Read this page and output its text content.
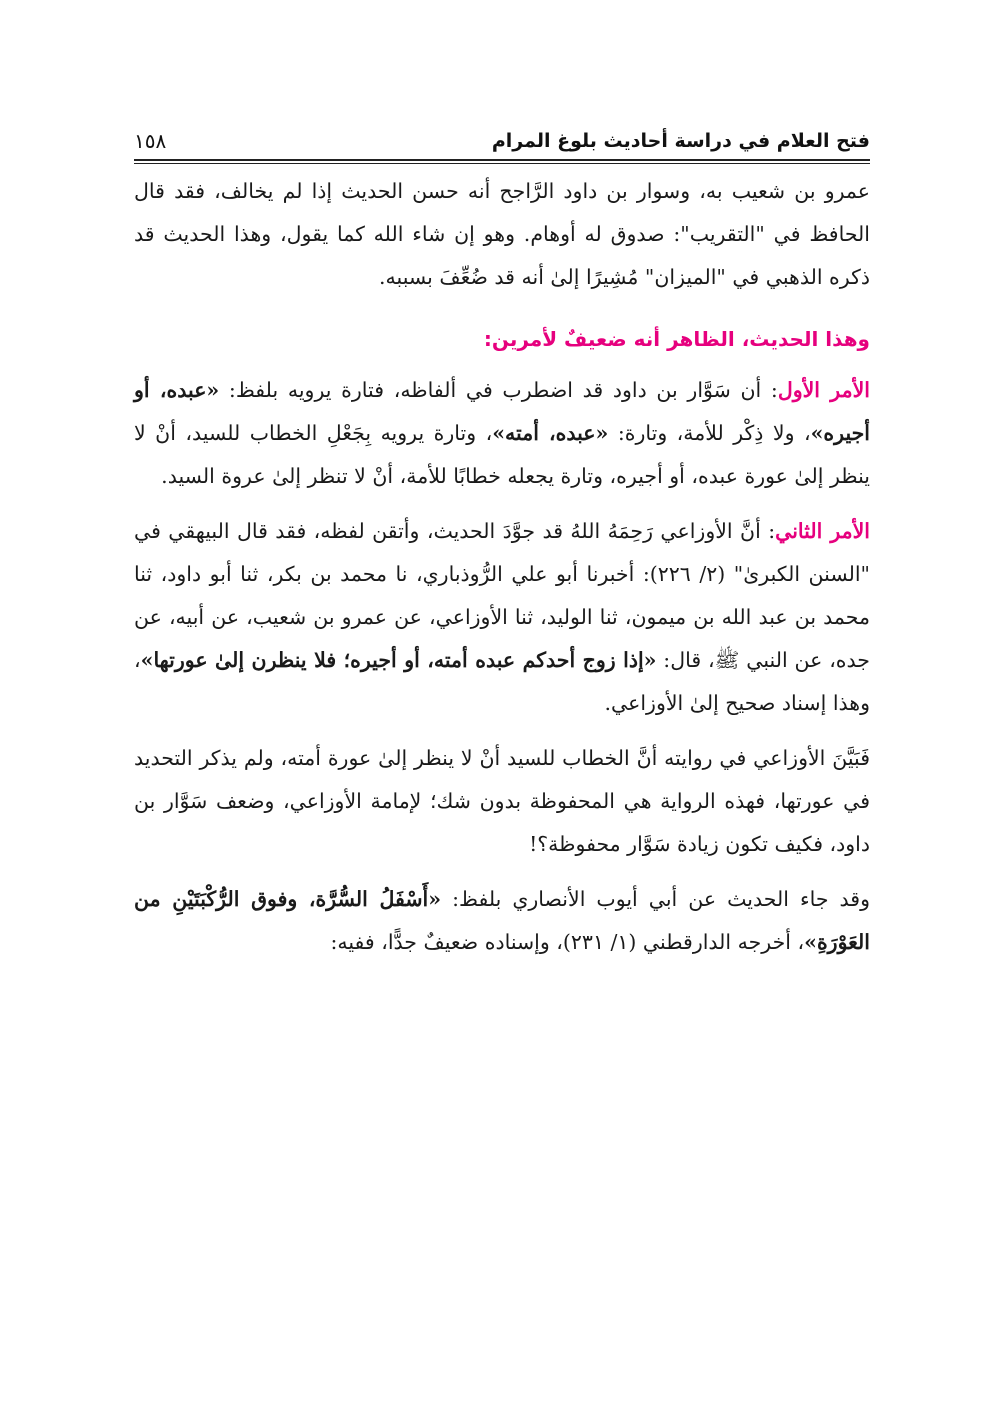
فتح العلام في دراسة أحاديث بلوغ المرام
١٥٨

عمرو بن شعيب به، وسوار بن داود الرَّاجح أنه حسن الحديث إذا لم يخالف، فقد قال الحافظ في "التقريب": صدوق له أوهام. وهو إن شاء الله كما يقول، وهذا الحديث قد ذكره الذهبي في "الميزان" مُشِيرًا إلىٰ أنه قد ضُعِّفَ بسببه.

وهذا الحديث، الظاهر أنه ضعيفٌ لأمرين:

الأمر الأول: أن سَوَّار بن داود قد اضطرب في ألفاظه، فتارة يرويه بلفظ: «عبده، أو أجيره»، ولا ذِكْر للأمة، وتارة: «عبده، أمته»، وتارة يرويه بِجَعْلِ الخطاب للسيد، أنْ لا ينظر إلىٰ عورة عبده، أو أجيره، وتارة يجعله خطابًا للأمة، أنْ لا تنظر إلىٰ عروة السيد.

الأمر الثاني: أنَّ الأوزاعي رَحِمَهُ اللهُ قد جوَّدَ الحديث، وأتقن لفظه، فقد قال البيهقي في "السنن الكبرىٰ" (٢/ ٢٢٦): أخبرنا أبو علي الرُّوذباري، نا محمد بن بكر، ثنا أبو داود، ثنا محمد بن عبد الله بن ميمون، ثنا الوليد، ثنا الأوزاعي، عن عمرو بن شعيب، عن أبيه، عن جده، عن النبي ﷺ، قال: «إذا زوج أحدكم عبده أمته، أو أجيره؛ فلا ينظرن إلىٰ عورتها»، وهذا إسناد صحيح إلىٰ الأوزاعي.

فَبَيَّنَ الأوزاعي في روايته أنَّ الخطاب للسيد أنْ لا ينظر إلىٰ عورة أمته، ولم يذكر التحديد في عورتها، فهذه الرواية هي المحفوظة بدون شك؛ لإمامة الأوزاعي، وضعف سَوَّار بن داود، فكيف تكون زيادة سَوَّار محفوظة؟!

وقد جاء الحديث عن أبي أيوب الأنصاري بلفظ: «أَسْفَلُ السُّرَّة، وفوق الرُّكْبَتَيْنِ من العَوْرَةِ»، أخرجه الدارقطني (١/ ٢٣١)، وإسناده ضعيفٌ جدًّا، ففيه:
